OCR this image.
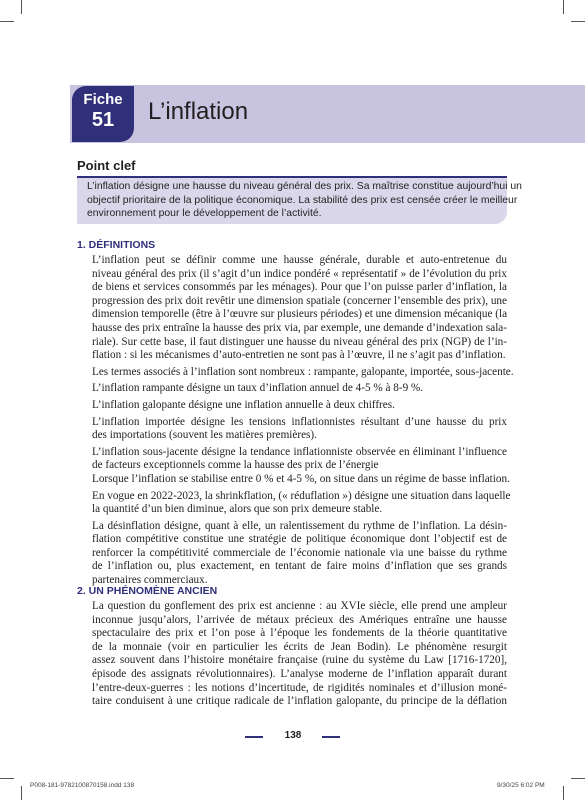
Fiche
51	L’inflation
Point clef
L’inflation désigne une hausse du niveau général des prix. Sa maîtrise constitue aujourd’hui un
objectif prioritaire de la politique économique. La stabilité des prix est censée créer le meilleur
environnement pour le développement de l’activité.
1. DÉFINITIONS
L’inflation peut se définir comme une hausse générale, durable et auto-entretenue du
niveau général des prix (il s’agit d’un indice pondéré « représentatif » de l’évolution du prix
de biens et services consommés par les ménages). Pour que l’on puisse parler d’inflation, la
progression des prix doit revêtir une dimension spatiale (concerner l’ensemble des prix), une
dimension temporelle (être à l’œuvre sur plusieurs périodes) et une dimension mécanique (la
hausse des prix entraîne la hausse des prix via, par exemple, une demande d’indexation sala-
riale). Sur cette base, il faut distinguer une hausse du niveau général des prix (NGP) de l’in-
flation : si les mécanismes d’auto-entretien ne sont pas à l’œuvre, il ne s’agit pas d’inflation.
Les termes associés à l’inflation sont nombreux : rampante, galopante, importée, sous-jacente.
L’inflation rampante désigne un taux d’inflation annuel de 4-5 % à 8-9 %.
L’inflation galopante désigne une inflation annuelle à deux chiffres.
L’inflation importée désigne les tensions inflationnistes résultant d’une hausse du prix
des importations (souvent les matières premières).
L’inflation sous-jacente désigne la tendance inflationniste observée en éliminant l’influence
de facteurs exceptionnels comme la hausse des prix de l’énergie
Lorsque l’inflation se stabilise entre 0 % et 4-5 %, on situe dans un régime de basse inflation.
En vogue en 2022-2023, la shrinkflation, (« réduflation ») désigne une situation dans laquelle
la quantité d’un bien diminue, alors que son prix demeure stable.
La désinflation désigne, quant à elle, un ralentissement du rythme de l’inflation. La désin-
flation compétitive constitue une stratégie de politique économique dont l’objectif est de
renforcer la compétitivité commerciale de l’économie nationale via une baisse du rythme
de l’inflation ou, plus exactement, en tentant de faire moins d’inflation que ses grands
partenaires commerciaux.
2. UN PHÉNOMÈNE ANCIEN
La question du gonflement des prix est ancienne : au XVIe siècle, elle prend une ampleur
inconnue jusqu’alors, l’arrivée de métaux précieux des Amériques entraîne une hausse
spectaculaire des prix et l’on pose à l’époque les fondements de la théorie quantitative
de la monnaie (voir en particulier les écrits de Jean Bodin). Le phénomène resurgit
assez souvent dans l’histoire monétaire française (ruine du système du Law [1716-1720],
épisode des assignats révolutionnaires). L’analyse moderne de l’inflation apparaît durant
l’entre-deux-guerres : les notions d’incertitude, de rigidités nominales et d’illusion moné-
taire conduisent à une critique radicale de l’inflation galopante, du principe de la déflation
138
P008-181-9782100870158.indd 138	9/30/25 6:02 PM
